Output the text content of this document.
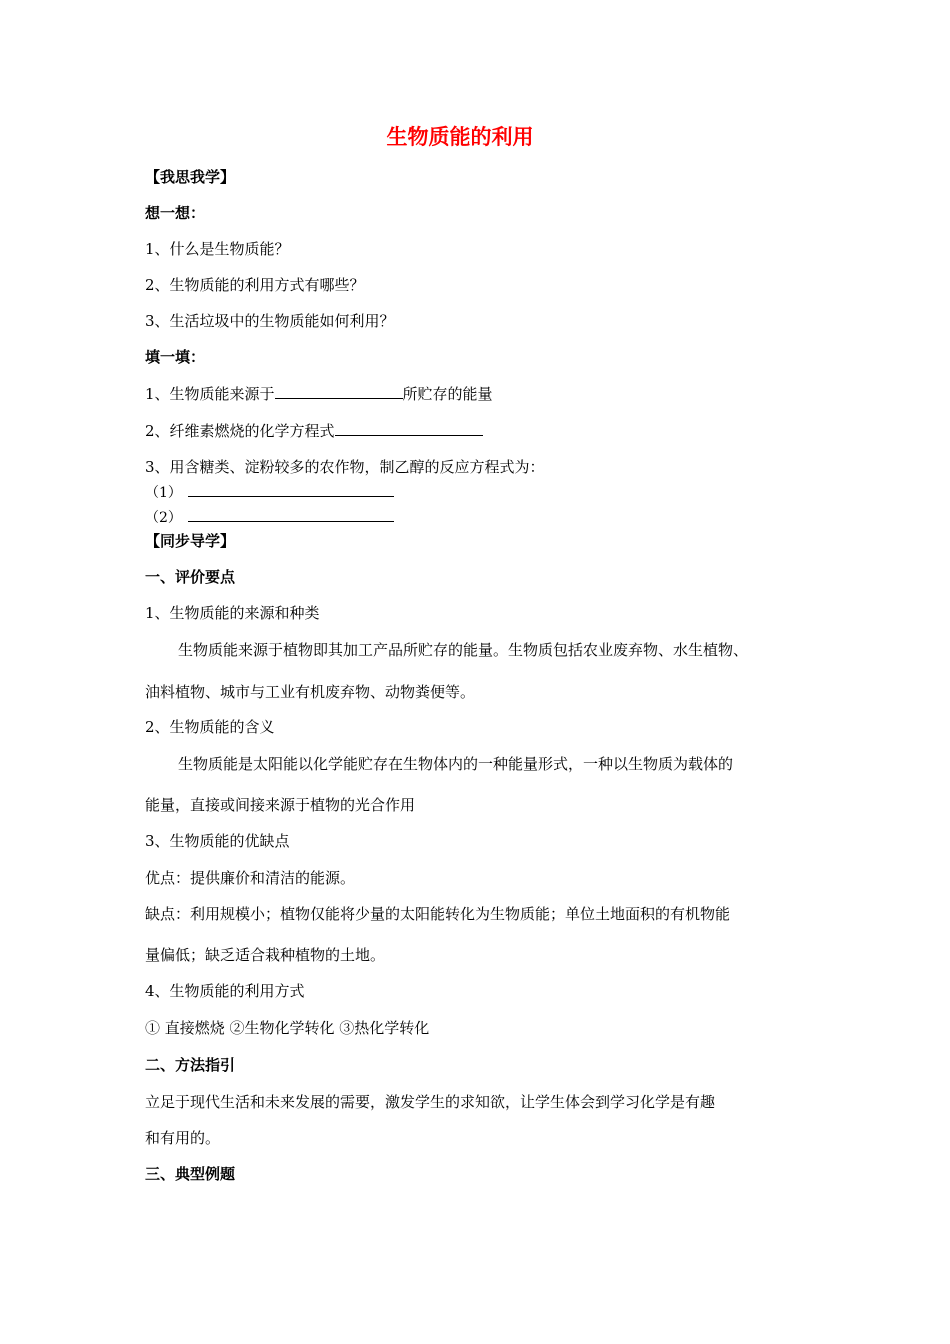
生物质能的利用
【我思我学】
想一想：
1、什么是生物质能？
2、生物质能的利用方式有哪些？
3、生活垃圾中的生物质能如何利用？
填一填：
1、生物质能来源于	所贮存的能量
2、纤维素燃烧的化学方程式
3、用含糖类、淀粉较多的农作物，制乙醇的反应方程式为：
（1）
（2）
【同步导学】
一、评价要点
1、生物质能的来源和种类
生物质能来源于植物即其加工产品所贮存的能量。生物质包括农业废弃物、水生植物、
油料植物、城市与工业有机废弃物、动物粪便等。
2、生物质能的含义
生物质能是太阳能以化学能贮存在生物体内的一种能量形式，一种以生物质为载体的
能量，直接或间接来源于植物的光合作用
3、生物质能的优缺点
优点：提供廉价和清洁的能源。
缺点：利用规模小；植物仅能将少量的太阳能转化为生物质能；单位土地面积的有机物能
量偏低；缺乏适合栽种植物的土地。
4、生物质能的利用方式
① 直接燃烧 ②生物化学转化 ③热化学转化
二、方法指引
立足于现代生活和未来发展的需要，激发学生的求知欲，让学生体会到学习化学是有趣
和有用的。
三、典型例题
